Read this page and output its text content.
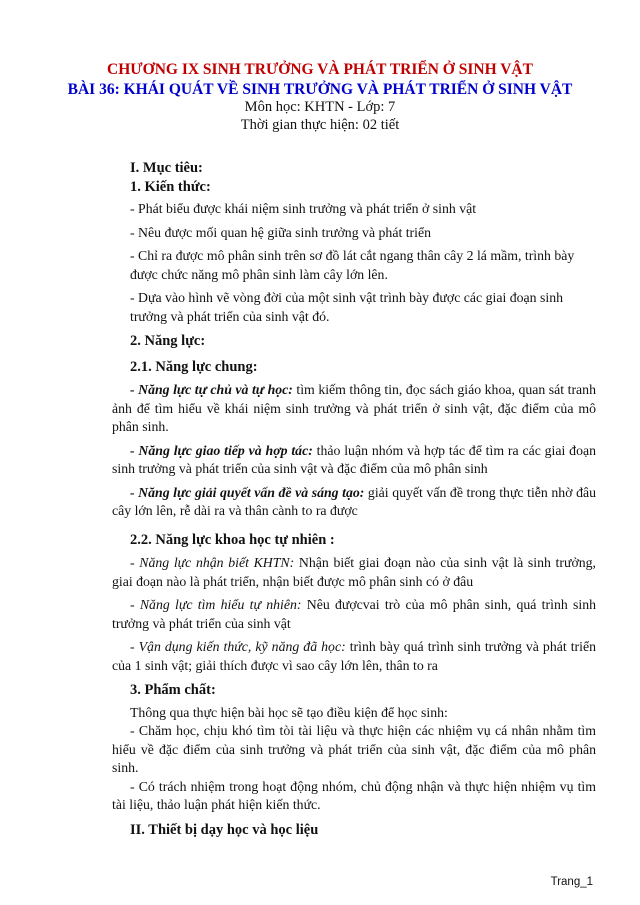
CHƯƠNG IX SINH TRƯỞNG VÀ PHÁT TRIỂN Ở SINH VẬT
BÀI 36: KHÁI QUÁT VỀ SINH TRƯỞNG VÀ PHÁT TRIỂN Ở SINH VẬT
Môn học: KHTN - Lớp: 7
Thời gian thực hiện: 02 tiết

I. Mục tiêu:

1. Kiến thức:

- Phát biểu được khái niệm sinh trưởng và phát triển ở sinh vật

- Nêu được mối quan hệ giữa sinh trưởng và phát triển

- Chỉ ra được mô phân sinh trên sơ đồ lát cắt ngang thân cây 2 lá mầm, trình bày được chức năng mô phân sinh làm cây lớn lên.

- Dựa vào hình vẽ vòng đời của một sinh vật trình bày được các giai đoạn sinh trưởng và phát triển của sinh vật đó.

2. Năng lực:

2.1. Năng lực chung:

- Năng lực tự chủ và tự học: tìm kiếm thông tin, đọc sách giáo khoa, quan sát tranh ảnh để tìm hiểu về khái niệm sinh trưởng và phát triển ở sinh vật, đặc điểm của mô phân sinh.

- Năng lực giao tiếp và hợp tác: thảo luận nhóm và hợp tác để tìm ra các giai đoạn sinh trưởng và phát triển của sinh vật và đặc điểm của mô phân sinh

- Năng lực giải quyết vấn đề và sáng tạo: giải quyết vấn đề trong thực tiễn nhờ đâu cây lớn lên, rễ dài ra và thân cành to ra được

2.2. Năng lực khoa học tự nhiên :

- Năng lực nhận biết KHTN: Nhận biết giai đoạn nào của sinh vật là sinh trưởng, giai đoạn nào là phát triển, nhận biết được mô phân sinh có ở đâu

- Năng lực tìm hiểu tự nhiên: Nêu đượcvai trò của mô phân sinh, quá trình sinh trưởng và phát triển của sinh vật

- Vận dụng kiến thức, kỹ năng đã học: trình bày quá trình sinh trưởng và phát triển của 1 sinh vật; giải thích được vì sao cây lớn lên, thân to ra

3. Phẩm chất:

Thông qua thực hiện bài học sẽ tạo điều kiện để học sinh:

- Chăm học, chịu khó tìm tòi tài liệu và thực hiện các nhiệm vụ cá nhân nhằm tìm hiểu về đặc điểm của sinh trưởng và phát triển của sinh vật, đặc điểm của mô phân sinh.

- Có trách nhiệm trong hoạt động nhóm, chủ động nhận và thực hiện nhiệm vụ tìm tài liệu, thảo luận phát hiện kiến thức.

II. Thiết bị dạy học và học liệu

Trang_1
